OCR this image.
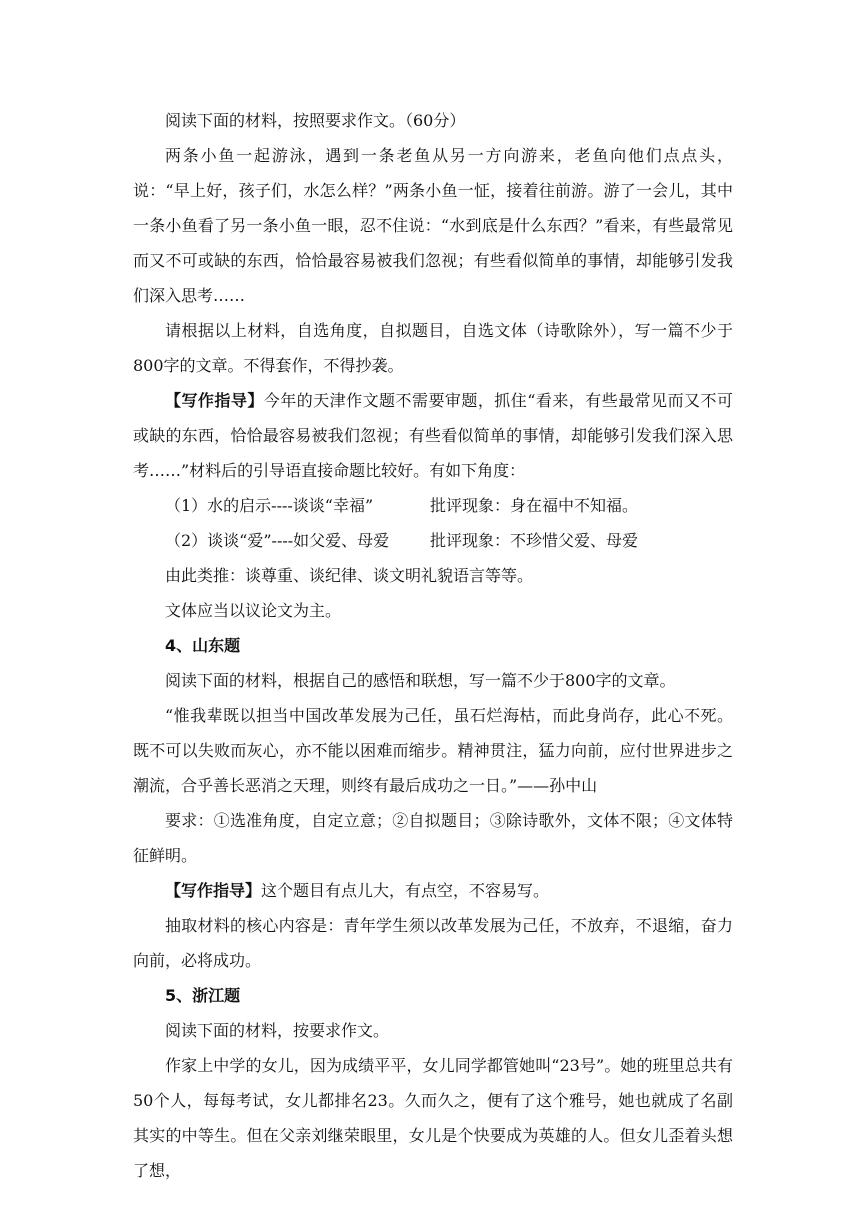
阅读下面的材料，按照要求作文。（60分）

两条小鱼一起游泳，遇到一条老鱼从另一方向游来，老鱼向他们点点头，说：“早上好，孩子们，水怎么样？”两条小鱼一怔，接着往前游。游了一会儿，其中一条小鱼看了另一条小鱼一眼，忍不住说：“水到底是什么东西？”看来，有些最常见而又不可或缺的东西，恰恰最容易被我们忽视；有些看似简单的事情，却能够引发我们深入思考……

请根据以上材料，自选角度，自拟题目，自选文体（诗歌除外），写一篇不少于800字的文章。不得套作，不得抄袭。

【写作指导】今年的天津作文题不需要审题，抓住“看来，有些最常见而又不可或缺的东西，恰恰最容易被我们忽视；有些看似简单的事情，却能够引发我们深入思考……”材料后的引导语直接命题比较好。有如下角度：

（1）水的启示----谈谈“幸福”	批评现象：身在福中不知福。
（2）谈谈“爱”----如父爱、母爱	批评现象：不珍惜父爱、母爱

由此类推：谈尊重、谈纪律、谈文明礼貌语言等等。

文体应当以议论文为主。

4、山东题

阅读下面的材料，根据自己的感悟和联想，写一篇不少于800字的文章。

“惟我辈既以担当中国改革发展为己任，虽石烂海枯，而此身尚存，此心不死。既不可以失败而灰心，亦不能以困难而缩步。精神贯注，猛力向前，应付世界进步之潮流，合乎善长恶消之天理，则终有最后成功之一日。”——孙中山

要求：①选准角度，自定立意；②自拟题目；③除诗歌外，文体不限；④文体特征鲜明。

【写作指导】这个题目有点儿大，有点空，不容易写。

抽取材料的核心内容是：青年学生须以改革发展为己任，不放弃，不退缩，奋力向前，必将成功。

5、浙江题

阅读下面的材料，按要求作文。

作家上中学的女儿，因为成绩平平，女儿同学都管她叫“23号”。她的班里总共有50个人，每每考试，女儿都排名23。久而久之，便有了这个雅号，她也就成了名副其实的中等生。但在父亲刘继荣眼里，女儿是个快要成为英雄的人。但女儿歪着头想了想，
